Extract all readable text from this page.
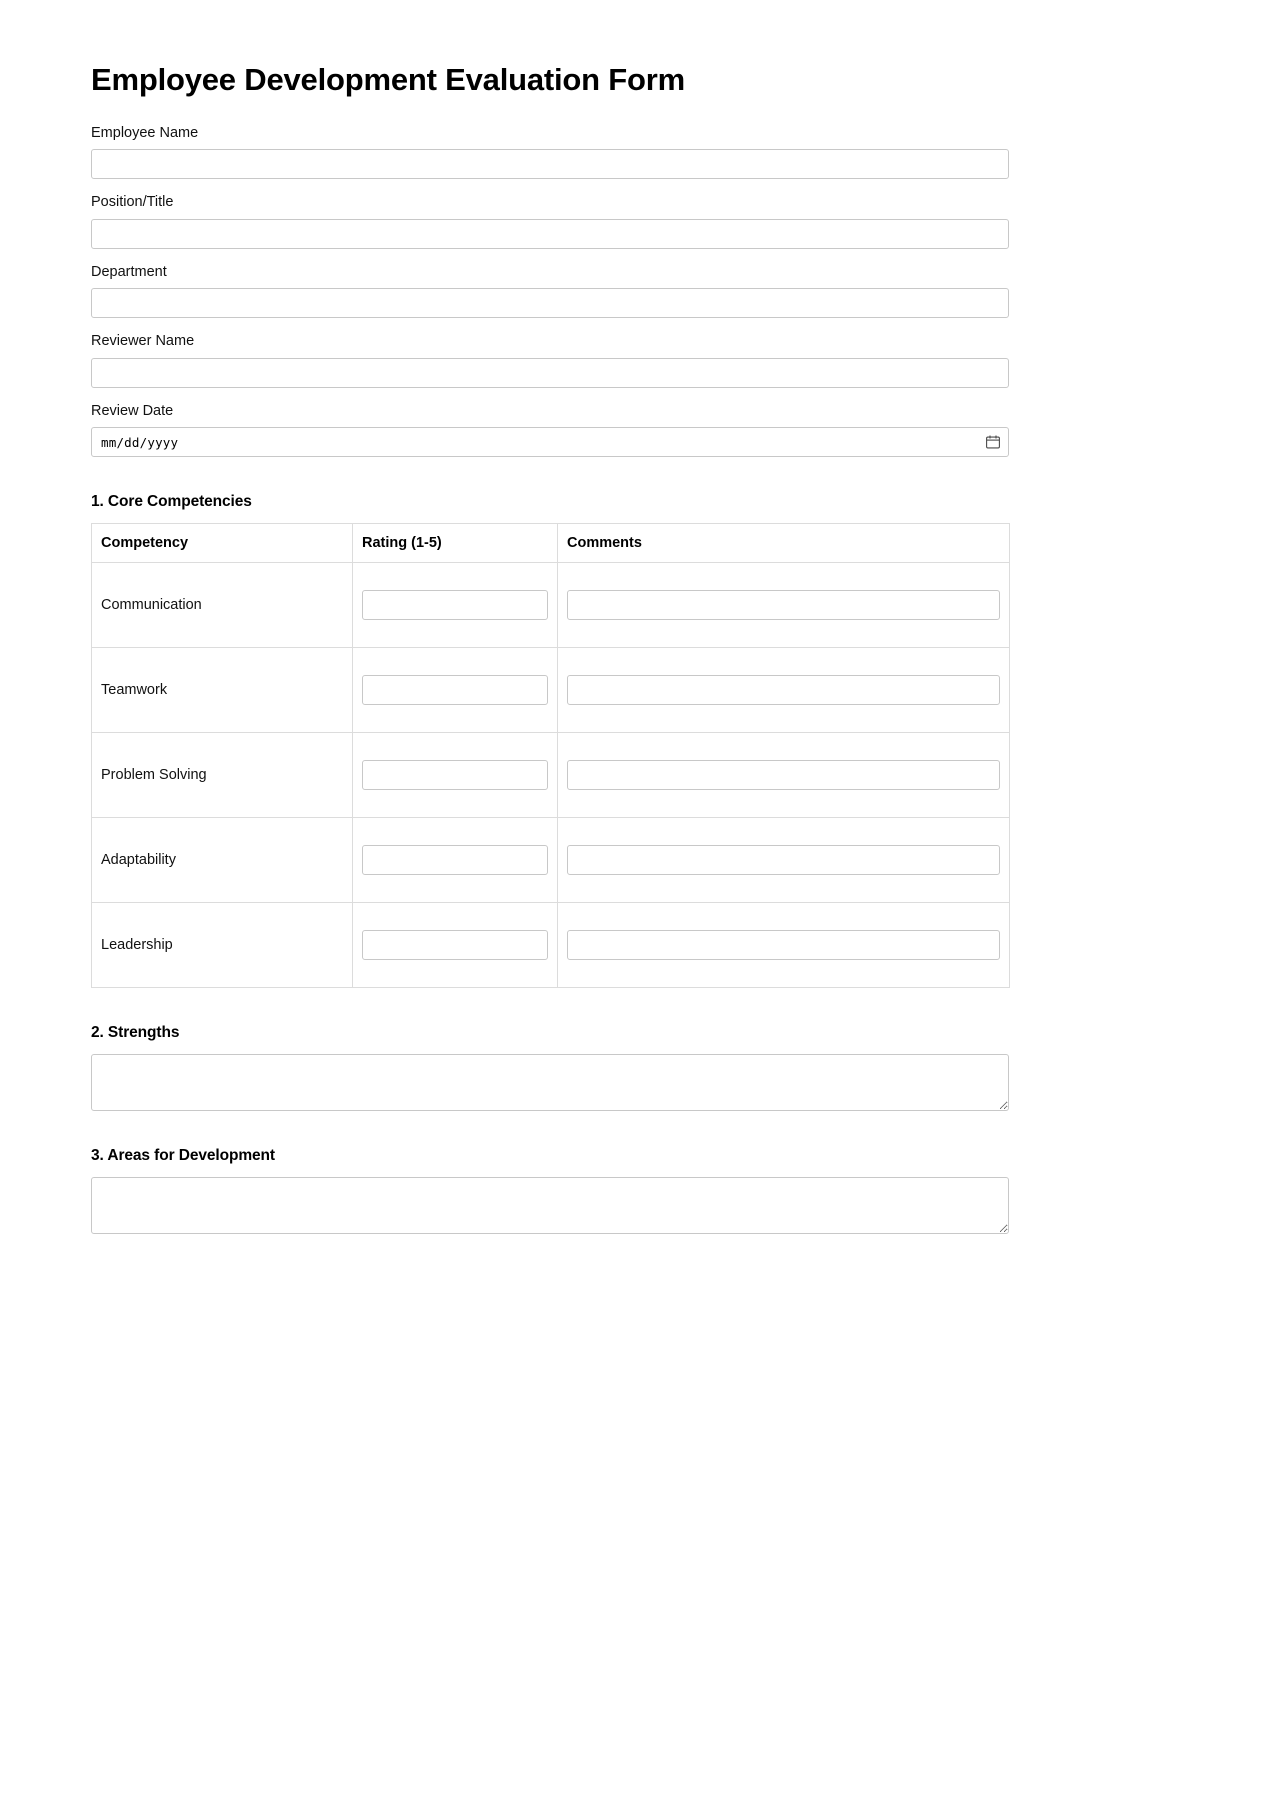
Employee Development Evaluation Form
Employee Name
Position/Title
Department
Reviewer Name
Review Date
mm/dd/yyyy
1. Core Competencies
Competency	Rating (1-5)	Comments
Communication		
Teamwork		
Problem Solving		
Adaptability		
Leadership		
2. Strengths
3. Areas for Development
